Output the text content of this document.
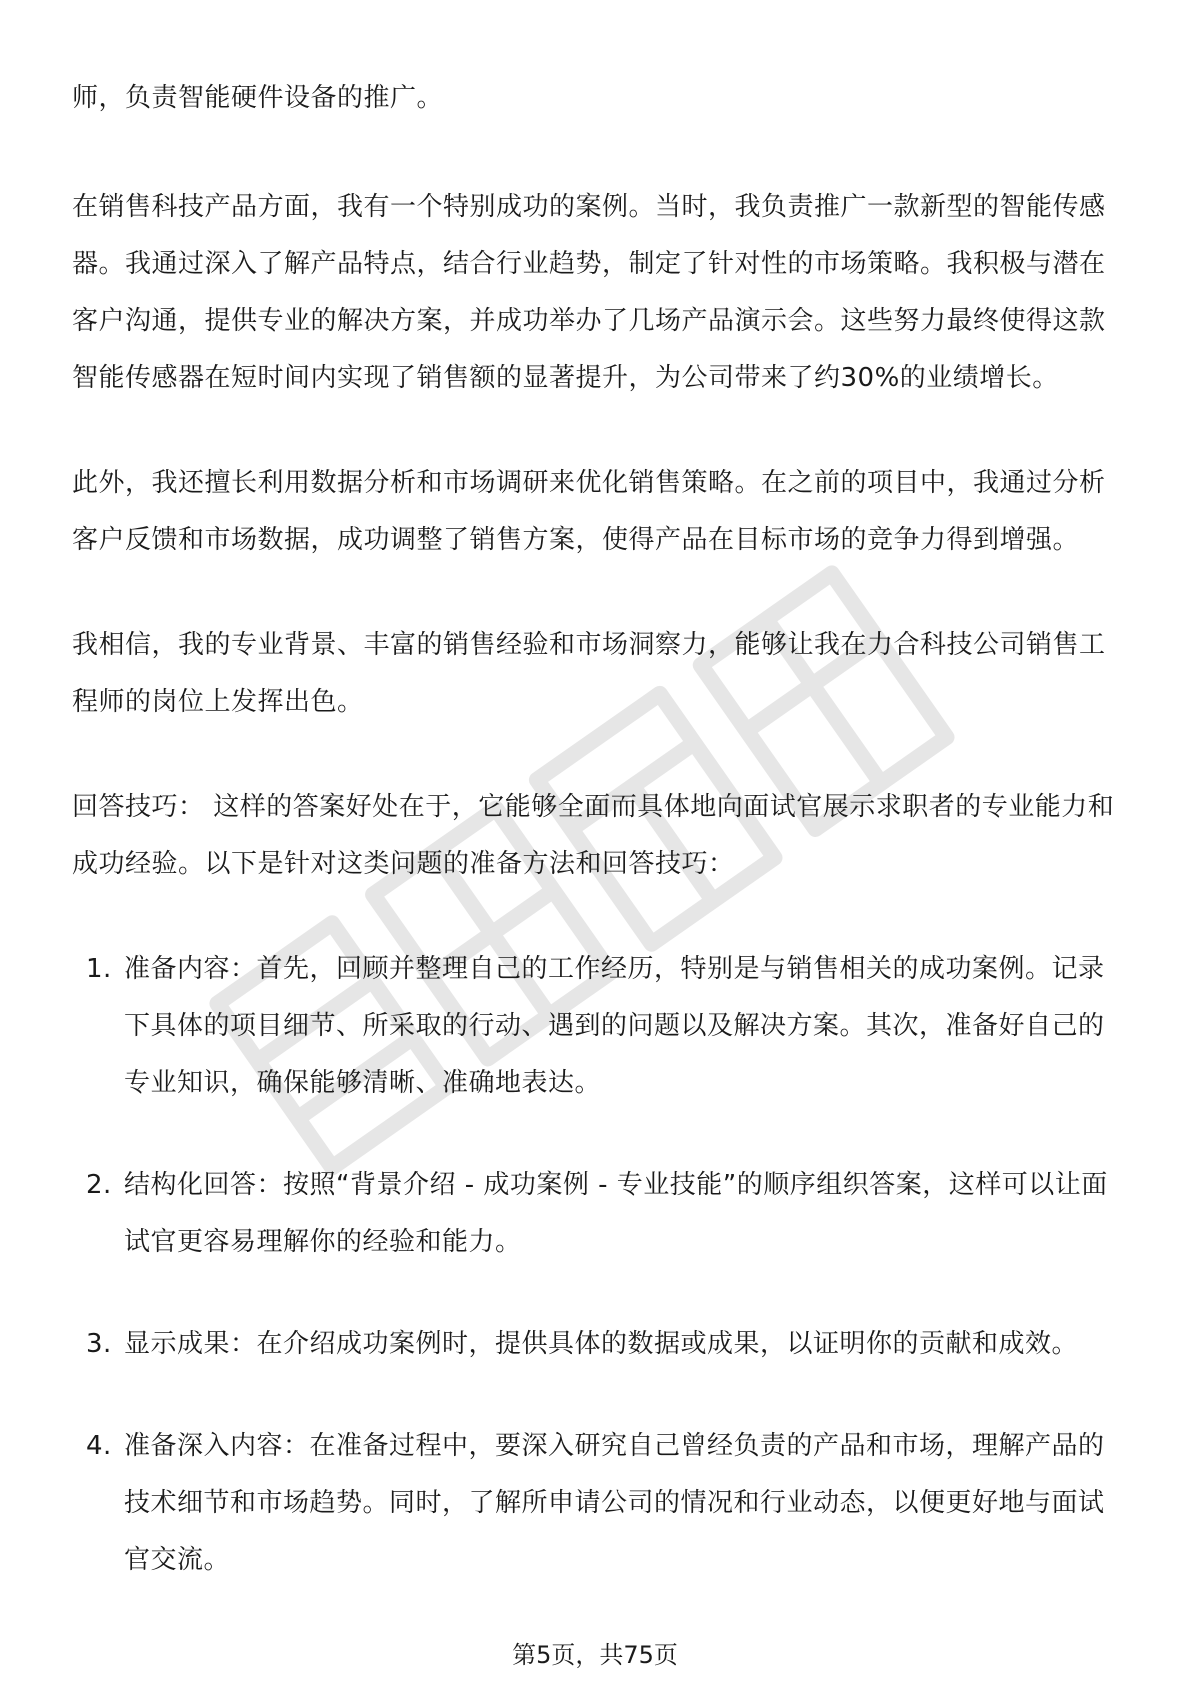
师，负责智能硬件设备的推广。

在销售科技产品方面，我有一个特别成功的案例。当时，我负责推广一款新型的智能传感器。我通过深入了解产品特点，结合行业趋势，制定了针对性的市场策略。我积极与潜在客户沟通，提供专业的解决方案，并成功举办了几场产品演示会。这些努力最终使得这款智能传感器在短时间内实现了销售额的显著提升，为公司带来了约30%的业绩增长。

此外，我还擅长利用数据分析和市场调研来优化销售策略。在之前的项目中，我通过分析客户反馈和市场数据，成功调整了销售方案，使得产品在目标市场的竞争力得到增强。

我相信，我的专业背景、丰富的销售经验和市场洞察力，能够让我在力合科技公司销售工程师的岗位上发挥出色。

回答技巧： 这样的答案好处在于，它能够全面而具体地向面试官展示求职者的专业能力和成功经验。以下是针对这类问题的准备方法和回答技巧：

1. 准备内容：首先，回顾并整理自己的工作经历，特别是与销售相关的成功案例。记录下具体的项目细节、所采取的行动、遇到的问题以及解决方案。其次，准备好自己的专业知识，确保能够清晰、准确地表达。
2. 结构化回答：按照“背景介绍 - 成功案例 - 专业技能”的顺序组织答案，这样可以让面试官更容易理解你的经验和能力。
3. 显示成果：在介绍成功案例时，提供具体的数据或成果，以证明你的贡献和成效。
4. 准备深入内容：在准备过程中，要深入研究自己曾经负责的产品和市场，理解产品的技术细节和市场趋势。同时，了解所申请公司的情况和行业动态，以便更好地与面试官交流。
第5页，共75页
